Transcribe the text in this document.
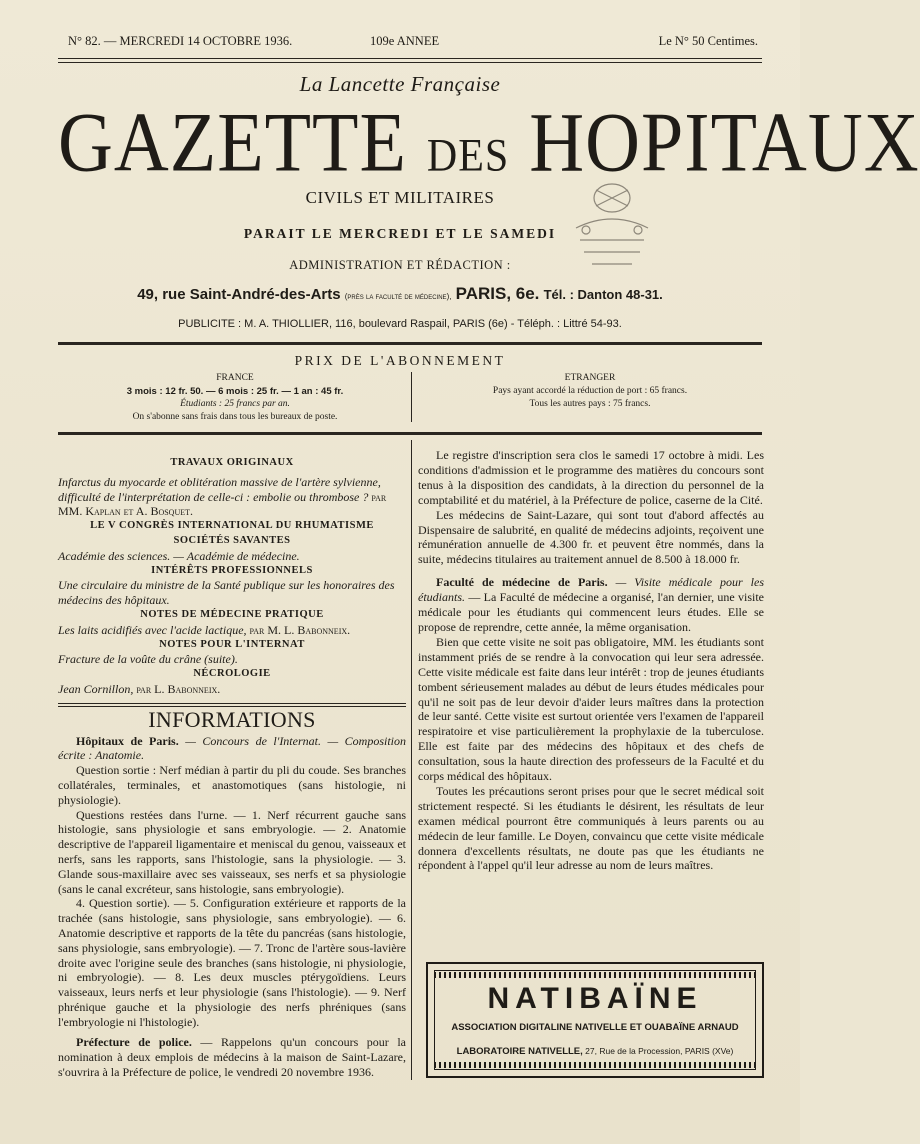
N° 82. — MERCREDI 14 OCTOBRE 1936.	109e ANNEE	Le N° 50 Centimes.
La Lancette Française
GAZETTE DES HOPITAUX
CIVILS ET MILITAIRES
PARAIT LE MERCREDI ET LE SAMEDI
ADMINISTRATION ET RÉDACTION :
49, rue Saint-André-des-Arts (près la faculté de médecine), PARIS, 6e. Tél. : Danton 48-31.
PUBLICITE : M. A. THIOLLIER, 116, boulevard Raspail, PARIS (6e) - Téléph. : Littré 54-93.
PRIX DE L'ABONNEMENT
FRANCE
3 mois : 12 fr. 50. — 6 mois : 25 fr. — 1 an : 45 fr.
Étudiants : 25 francs par an.
On s'abonne sans frais dans tous les bureaux de poste.
ETRANGER
Pays ayant accordé la réduction de port : 65 francs.
Tous les autres pays : 75 francs.
TRAVAUX ORIGINAUX
Infarctus du myocarde et oblitération massive de l'artère sylvienne, difficulté de l'interprétation de celle-ci : embolie ou thrombose ? par MM. Kaplan et A. Bosquet.
LE V CONGRÈS INTERNATIONAL DU RHUMATISME
SOCIÉTÉS SAVANTES
Académie des sciences. — Académie de médecine.
INTÉRÊTS PROFESSIONNELS
Une circulaire du ministre de la Santé publique sur les honoraires des médecins des hôpitaux.
NOTES DE MÉDECINE PRATIQUE
Les laits acidifiés avec l'acide lactique, par M. L. Babonneix.
NOTES POUR L'INTERNAT
Fracture de la voûte du crâne (suite).
NÉCROLOGIE
Jean Cornillon, par L. Babonneix.
INFORMATIONS
Hôpitaux de Paris. — Concours de l'Internat. — Composition écrite : Anatomie.
Question sortie : Nerf médian à partir du pli du coude. Ses branches collatérales, terminales, et anastomotiques (sans histologie, ni physiologie).
Questions restées dans l'urne. — 1. Nerf récurrent gauche sans histologie, sans physiologie et sans embryologie. — 2. Anatomie descriptive de l'appareil ligamentaire et meniscal du genou, vaisseaux et nerfs, sans les rapports, sans l'histologie, sans la physiologie. — 3. Glande sous-maxillaire avec ses vaisseaux, ses nerfs et sa physiologie (sans le canal excréteur, sans histologie, sans embryologie).
4. Question sortie). — 5. Configuration extérieure et rapports de la trachée (sans histologie, sans physiologie, sans embryologie). — 6. Anatomie descriptive et rapports de la tête du pancréas (sans histologie, sans physiologie, sans embryologie). — 7. Tronc de l'artère sous-lavière droite avec l'origine seule des branches (sans histologie, ni physiologie, ni embryologie). — 8. Les deux muscles ptérygoïdiens. Leurs vaisseaux, leurs nerfs et leur physiologie (sans l'histologie). — 9. Nerf phrénique gauche et la physiologie des nerfs phréniques (sans l'embryologie ni l'histologie).
Préfecture de police. — Rappelons qu'un concours pour la nomination à deux emplois de médecins à la maison de Saint-Lazare, s'ouvrira à la Préfecture de police, le vendredi 20 novembre 1936.
Le registre d'inscription sera clos le samedi 17 octobre à midi. Les conditions d'admission et le programme des matières du concours sont tenus à la disposition des candidats, à la direction du personnel de la comptabilité et du matériel, à la Préfecture de police, caserne de la Cité.
Les médecins de Saint-Lazare, qui sont tout d'abord affectés au Dispensaire de salubrité, en qualité de médecins adjoints, reçoivent une rémunération annuelle de 4.300 fr. et peuvent être nommés, dans la suite, médecins titulaires au traitement annuel de 8.500 à 18.000 fr.
Faculté de médecine de Paris. — Visite médicale pour les étudiants. — La Faculté de médecine a organisé, l'an dernier, une visite médicale pour les étudiants qui commencent leurs études. Elle se propose de reprendre, cette année, la même organisation.
Bien que cette visite ne soit pas obligatoire, MM. les étudiants sont instamment priés de se rendre à la convocation qui leur sera adressée. Cette visite médicale est faite dans leur intérêt : trop de jeunes étudiants tombent sérieusement malades au début de leurs études médicales pour qu'il ne soit pas de leur devoir d'aider leurs maîtres dans la protection de leur santé. Cette visite est surtout orientée vers l'examen de l'appareil respiratoire et vise particulièrement la prophylaxie de la tuberculose. Elle est faite par des médecins des hôpitaux et des chefs de consultation, sous la haute direction des professeurs de la Faculté et du corps médical des hôpitaux.
Toutes les précautions seront prises pour que le secret médical soit strictement respecté. Si les étudiants le désirent, les résultats de leur examen médical pourront être communiqués à leurs parents ou au médecin de leur famille. Le Doyen, convaincu que cette visite médicale donnera d'excellents résultats, ne doute pas que les étudiants ne répondent à l'appel qu'il leur adresse au nom de leurs maîtres.
NATIBAÏNE
ASSOCIATION DIGITALINE NATIVELLE ET OUABAÏNE ARNAUD
LABORATOIRE NATIVELLE, 27, Rue de la Procession, PARIS (XVe)
